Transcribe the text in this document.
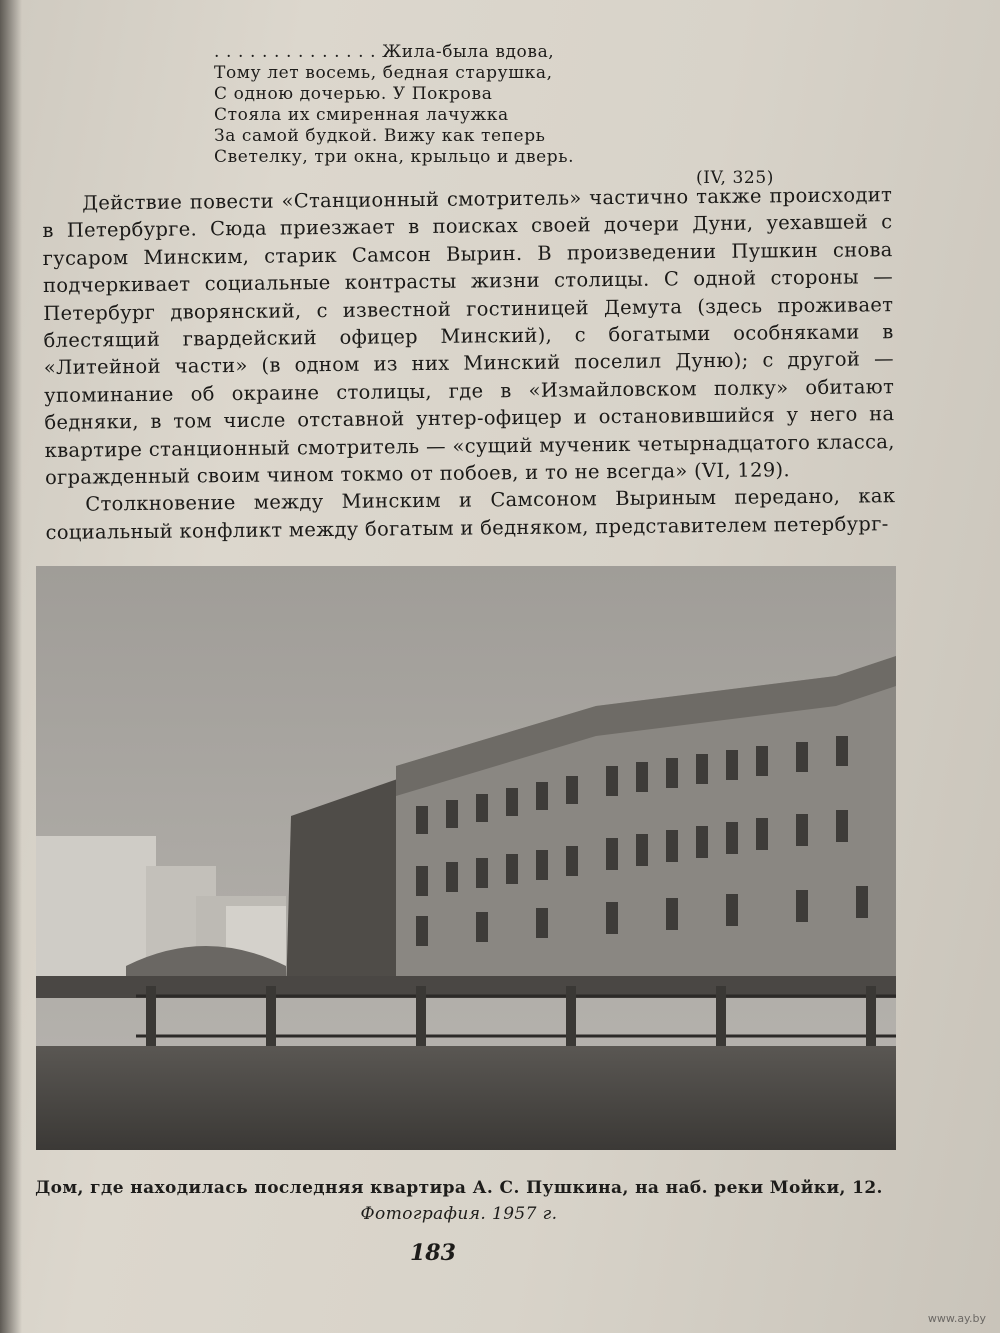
. . . . . . . . . . . . . . Жила-была вдова,
Тому лет восемь, бедная старушка,
С одною дочерью. У Покрова
Стояла их смиренная лачужка
За самой будкой. Вижу как теперь
Светелку, три окна, крыльцо и дверь.
(IV, 325)

Действие повести «Станционный смотритель» частично также происходит в Петербурге. Сюда приезжает в поисках своей дочери Дуни, уехавшей с гусаром Минским, старик Самсон Вырин. В произведении Пушкин снова подчеркивает социальные контрасты жизни столицы. С одной стороны — Петербург дворянский, с известной гостиницей Демута (здесь проживает блестящий гвардейский офицер Минский), с богатыми особняками в «Литейной части» (в одном из них Минский поселил Дуню); с другой — упоминание об окраине столицы, где в «Измайловском полку» обитают бедняки, в том числе отставной унтер-офицер и остановившийся у него на квартире станционный смотритель — «сущий мученик четырнадцатого класса, огражденный своим чином токмо от побоев, и то не всегда» (VI, 129).

Столкновение между Минским и Самсоном Выриным передано, как социальный конфликт между богатым и бедняком, представителем петербург-

Дом, где находилась последняя квартира А. С. Пушкина, на наб. реки Мойки, 12.
Фотография. 1957 г.
183
www.ay.by
